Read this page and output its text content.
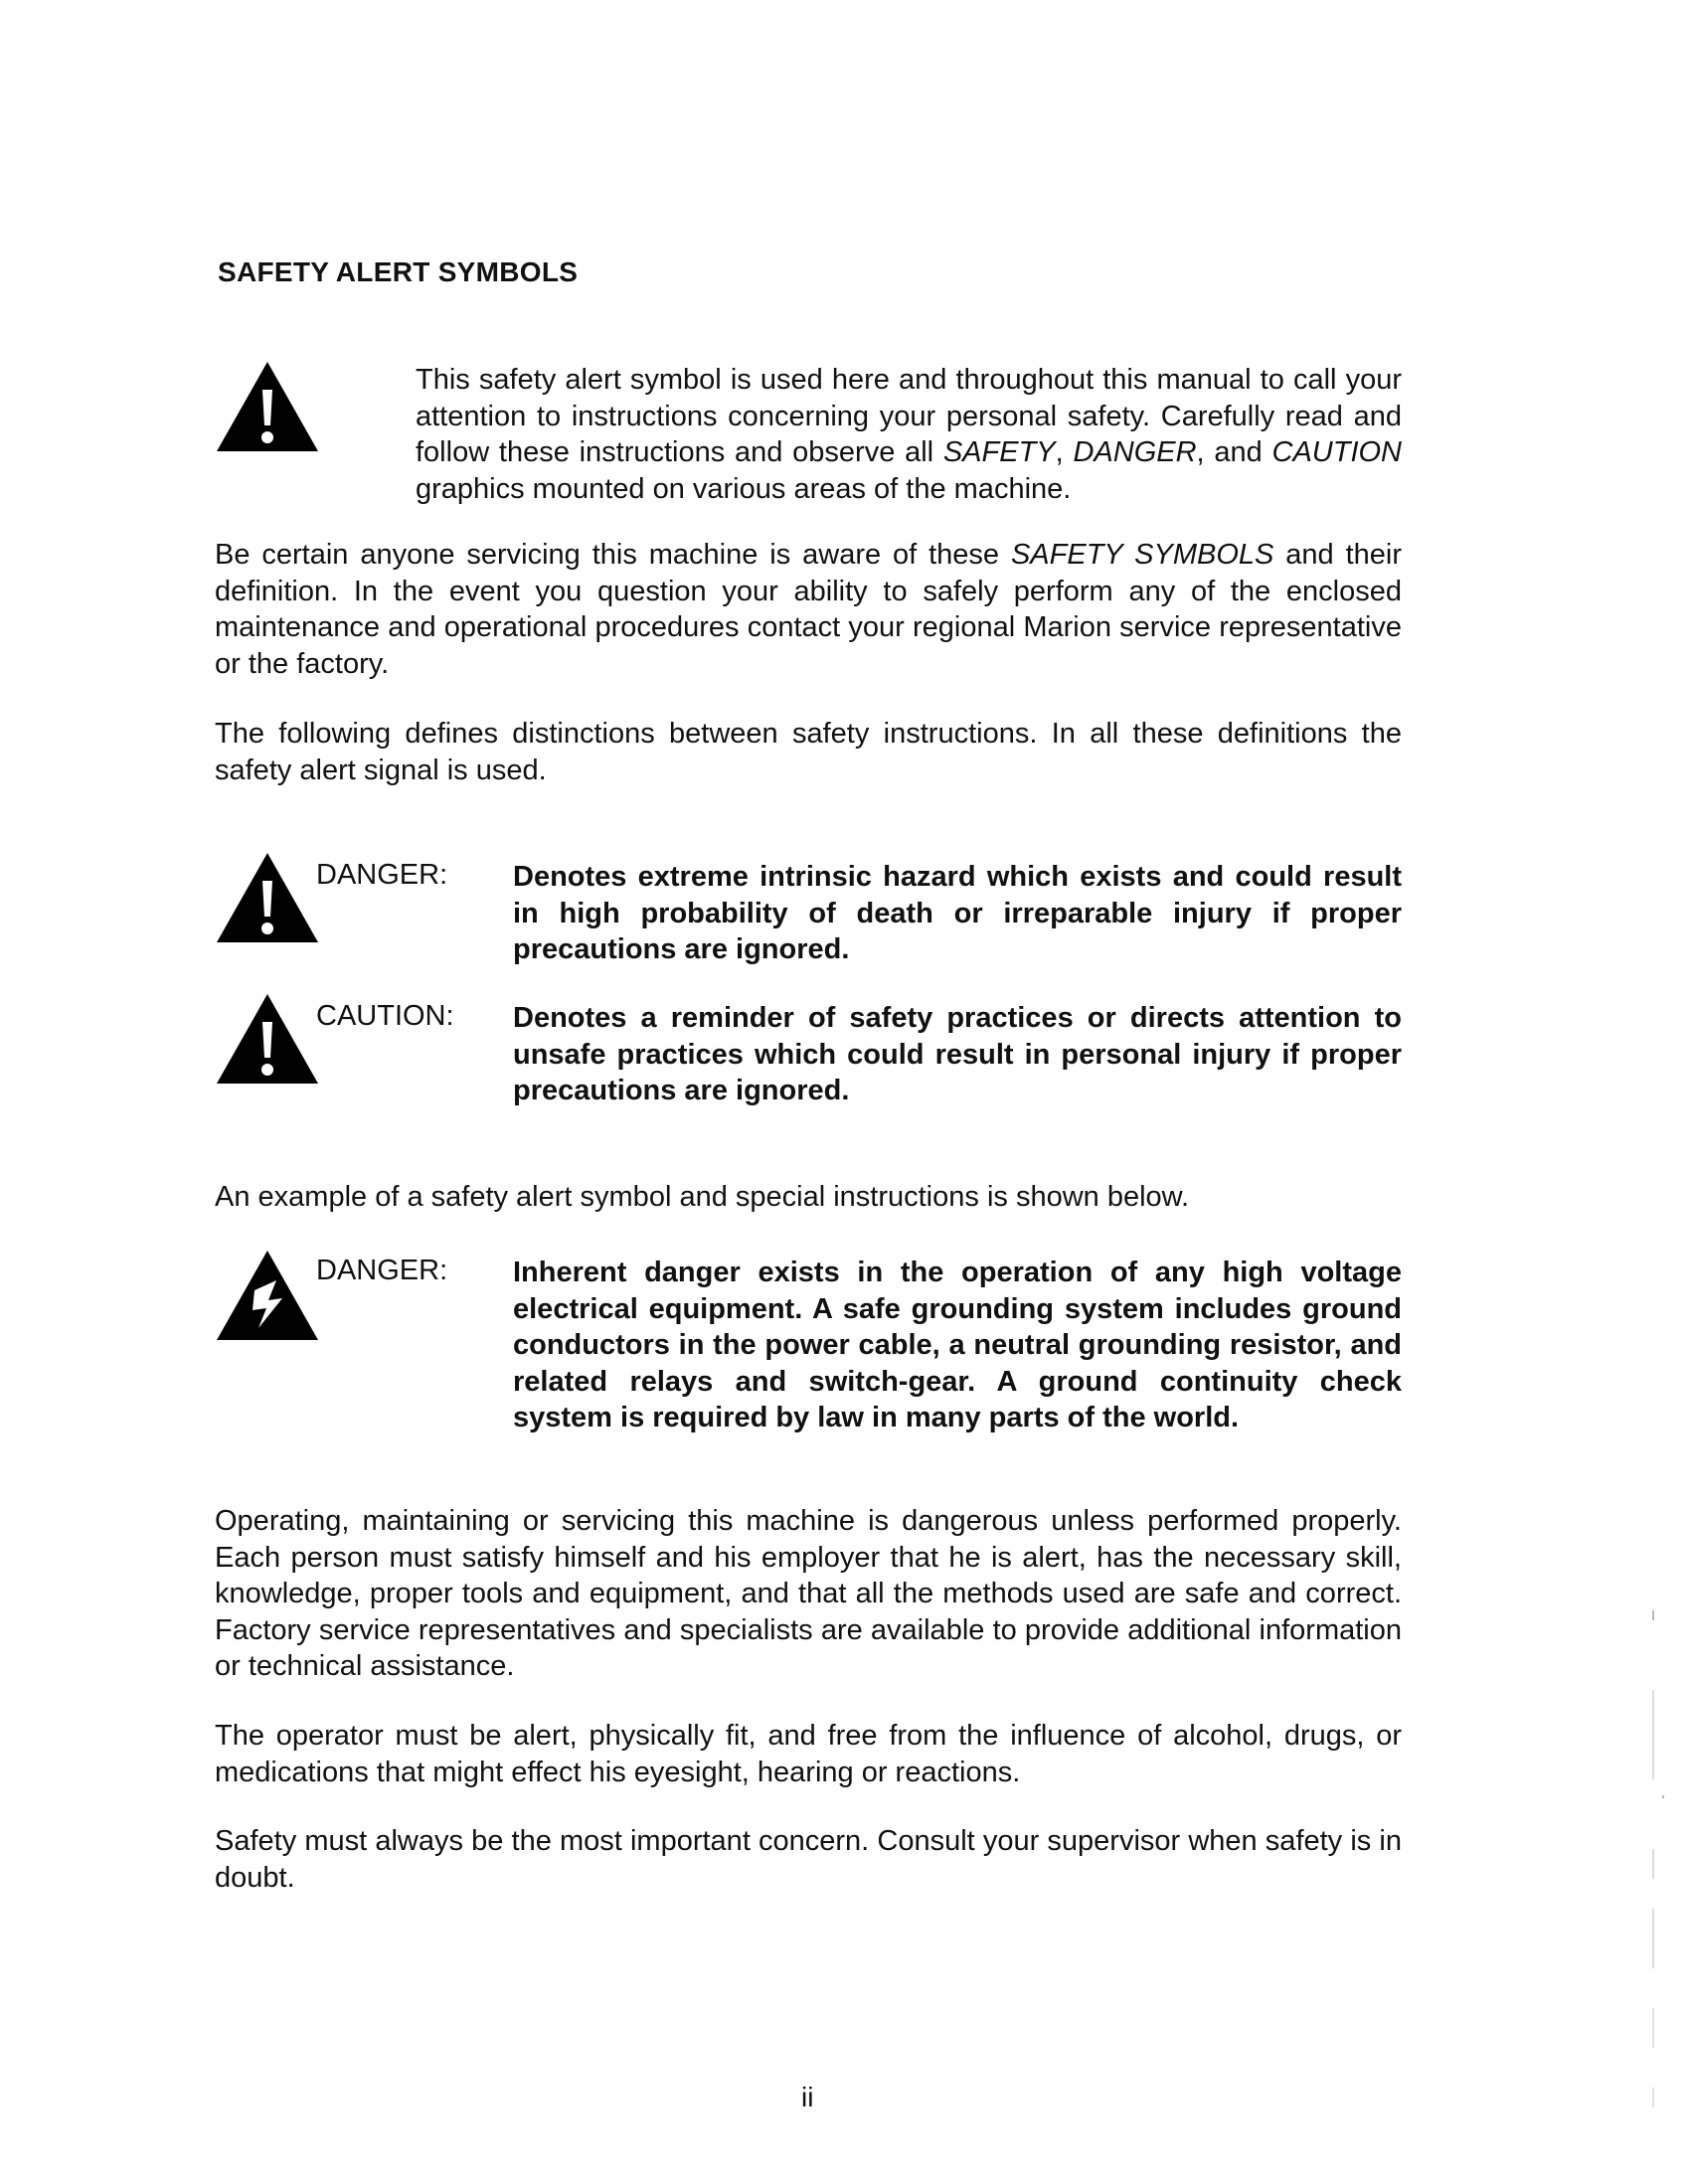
SAFETY ALERT SYMBOLS
This safety alert symbol is used here and throughout this manual to call your
attention to instructions concerning your personal safety. Carefully read and
follow these instructions and observe all SAFETY, DANGER, and CAUTION
graphics mounted on various areas of the machine.
Be certain anyone servicing this machine is aware of these SAFETY SYMBOLS and their definition. In the event you question your ability to safely perform any of the enclosed maintenance and operational procedures contact your regional Marion service representative or the factory.
The following defines distinctions between safety instructions. In all these definitions the safety alert signal is used.
DANGER: Denotes extreme intrinsic hazard which exists and could result in high probability of death or irreparable injury if proper precautions are ignored.
CAUTION: Denotes a reminder of safety practices or directs attention to unsafe practices which could result in personal injury if proper precautions are ignored.
An example of a safety alert symbol and special instructions is shown below.
DANGER: Inherent danger exists in the operation of any high voltage electrical equipment. A safe grounding system includes ground conductors in the power cable, a neutral grounding resistor, and related relays and switch-gear. A ground continuity check system is required by law in many parts of the world.
Operating, maintaining or servicing this machine is dangerous unless performed properly. Each person must satisfy himself and his employer that he is alert, has the necessary skill, knowledge, proper tools and equipment, and that all the methods used are safe and correct. Factory service representatives and specialists are available to provide additional information or technical assistance.
The operator must be alert, physically fit, and free from the influence of alcohol, drugs, or medications that might effect his eyesight, hearing or reactions.
Safety must always be the most important concern. Consult your supervisor when safety is in doubt.
ii
